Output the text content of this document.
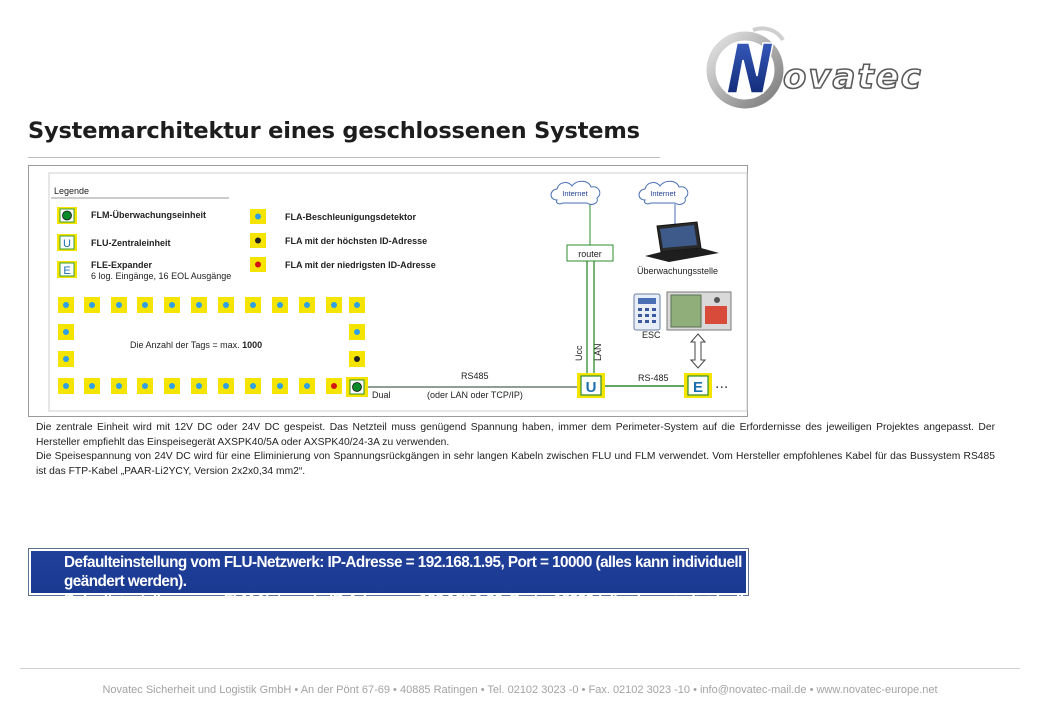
ovatec
Systemarchitektur eines geschlossenen Systems
Legende
FLM-Überwachungseinheit
U FLU-Zentraleinheit
E FLE-Expander
6 log. Eingänge, 16 EOL Ausgänge
FLA-Beschleunigungsdetektor
FLA mit der höchsten ID-Adresse
FLA mit der niedrigsten ID-Adresse
Die Anzahl der Tags = max. 1000
RS485
Dual	(oder LAN oder TCP/IP)	U
RS-485
E ...
Ucc LAN
router
Internet	Internet
Überwachungsstelle
ESC

Die zentrale Einheit wird mit 12V DC oder 24V DC gespeist. Das Netzteil muss genügend Spannung haben, immer dem Perimeter-System auf die Erfordernisse des jeweiligen Projektes angepasst. Der Hersteller empfiehlt das Einspeisegerät AXSPK40/5A oder AXSPK40/24-3A zu verwenden.

Die Speisespannung von 24V DC wird für eine Eliminierung von Spannungsrückgängen in sehr langen Kabeln zwischen FLU und FLM verwendet. Vom Hersteller empfohlenes Kabel für das Bussystem RS485 ist das FTP-Kabel „PAAR-Li2YCY, Version 2x2x0,34 mm2“.

Defaulteinstellung vom FLU-Netzwerk: IP-Adresse = 192.168.1.95, Port = 10000 (alles kann individuell geändert werden).
Defaulteinstellung vom FLM-Netzwerk: IP-Adresse = 192.168.1.96, Port = 10000 (alles kann individuell geändert werden).
Novatec Sicherheit und Logistik GmbH • An der Pönt 67-69 • 40885 Ratingen • Tel. 02102 3023 -0 • Fax. 02102 3023 -10 • info@novatec-mail.de • www.novatec-europe.net
